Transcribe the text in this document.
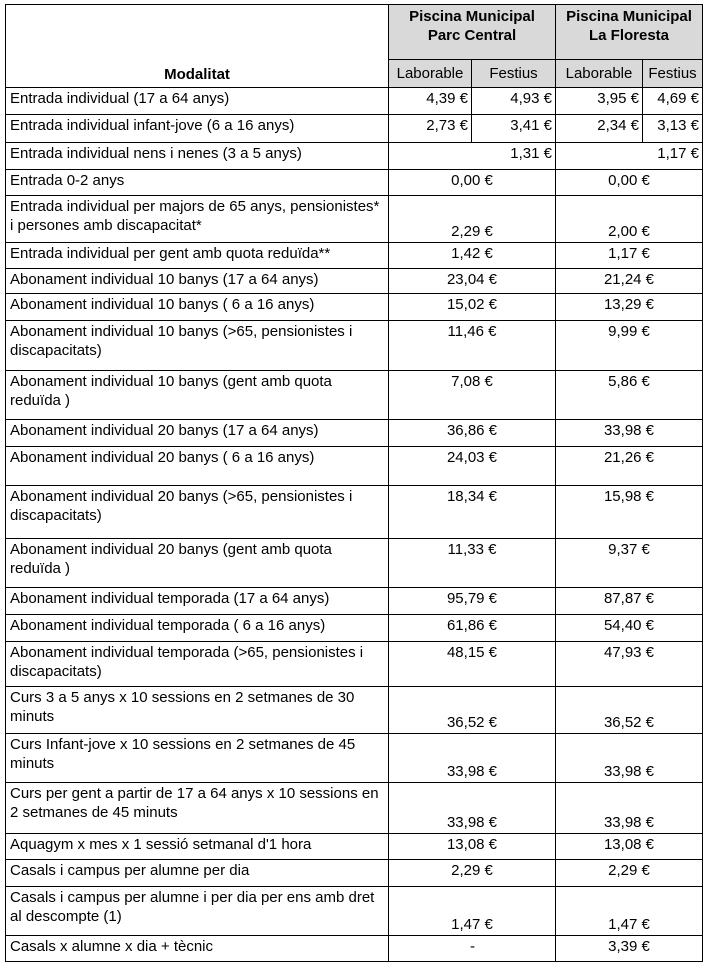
Modalitat	Piscina Municipal Parc Central		Piscina Municipal La Floresta	
	Laborable	Festius	Laborable	Festius
Entrada individual (17 a 64 anys)	4,39 €	4,93 €	3,95 €	4,69 €
Entrada individual infant-jove (6 a 16 anys)	2,73 €	3,41 €	2,34 €	3,13 €
Entrada individual nens i nenes (3 a 5 anys)	1,31 €		1,17 €	
Entrada 0-2 anys	0,00 €		0,00 €	
Entrada individual per majors de 65 anys, pensionistes* i persones amb discapacitat*	2,29 €		2,00 €	
Entrada individual per gent amb quota reduïda**	1,42 €		1,17 €	
Abonament individual 10 banys (17 a 64 anys)	23,04 €		21,24 €	
Abonament individual 10 banys ( 6 a 16 anys)	15,02 €		13,29 €	
Abonament individual 10 banys (>65, pensionistes i discapacitats)	11,46 €		9,99 €	
Abonament individual 10 banys (gent amb quota reduïda )	7,08 €		5,86 €	
Abonament individual 20 banys (17 a 64 anys)	36,86 €		33,98 €	
Abonament individual 20 banys ( 6 a 16 anys)	24,03 €		21,26 €	
Abonament individual 20 banys (>65, pensionistes i discapacitats)	18,34 €		15,98 €	
Abonament individual 20 banys (gent amb quota reduïda )	11,33 €		9,37 €	
Abonament individual temporada (17 a 64 anys)	95,79 €		87,87 €	
Abonament individual temporada ( 6 a 16 anys)	61,86 €		54,40 €	
Abonament individual temporada (>65, pensionistes i discapacitats)	48,15 €		47,93 €	
Curs 3 a 5 anys x 10 sessions en 2 setmanes de 30 minuts	36,52 €		36,52 €	
Curs Infant-jove x 10 sessions en 2 setmanes de 45 minuts	33,98 €		33,98 €	
Curs per gent a partir de 17 a 64 anys x 10 sessions en 2 setmanes de 45 minuts	33,98 €		33,98 €	
Aquagym x mes x 1 sessió setmanal d'1 hora	13,08 €		13,08 €	
Casals i campus per alumne per dia	2,29 €		2,29 €	
Casals i campus per alumne i per dia per ens amb dret al descompte (1)	1,47 €		1,47 €	
Casals x alumne x dia + tècnic	-		3,39 €	
